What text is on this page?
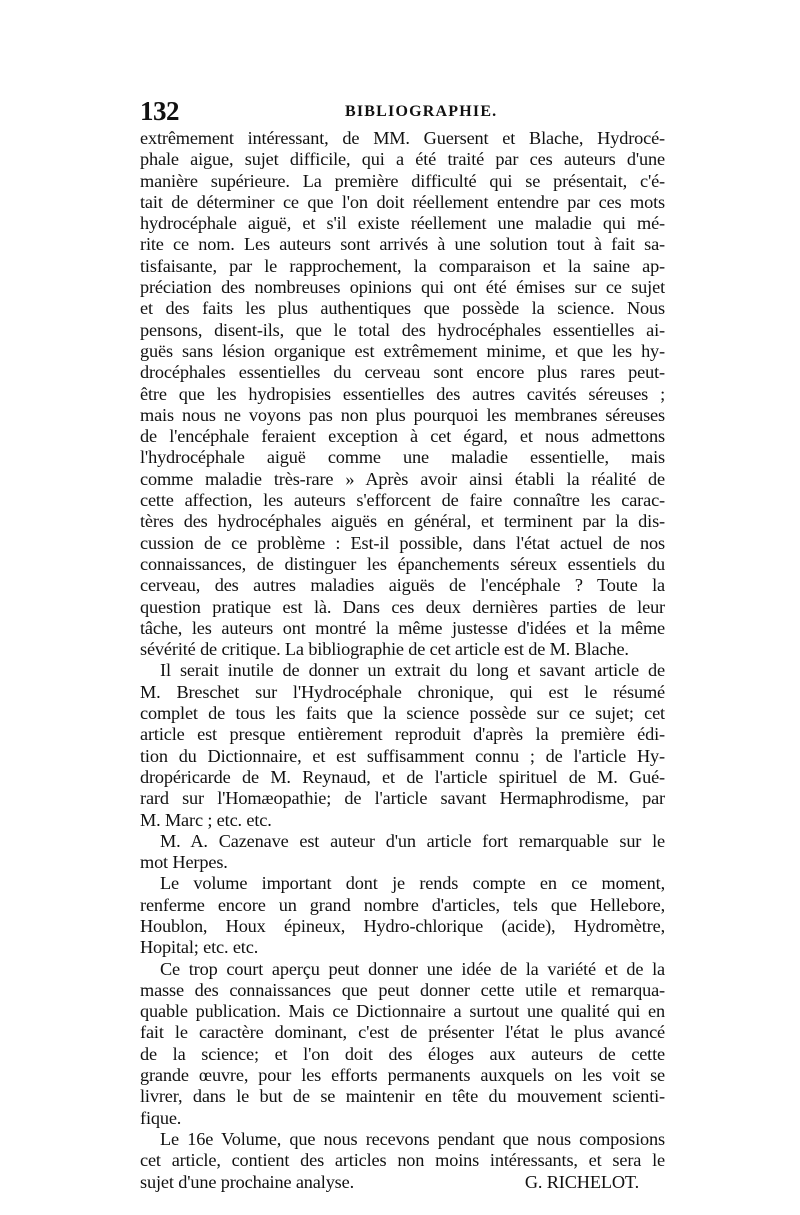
132	BIBLIOGRAPHIE.
extrêmement intéressant, de MM. Guersent et Blache, Hydrocé-
phale aigue, sujet difficile, qui a été traité par ces auteurs d'une
manière supérieure. La première difficulté qui se présentait, c'é-
tait de déterminer ce que l'on doit réellement entendre par ces mots
hydrocéphale aiguë, et s'il existe réellement une maladie qui mé-
rite ce nom. Les auteurs sont arrivés à une solution tout à fait sa-
tisfaisante, par le rapprochement, la comparaison et la saine ap-
préciation des nombreuses opinions qui ont été émises sur ce sujet
et des faits les plus authentiques que possède la science. Nous
pensons, disent-ils, que le total des hydrocéphales essentielles ai-
guës sans lésion organique est extrêmement minime, et que les hy-
drocéphales essentielles du cerveau sont encore plus rares peut-
être que les hydropisies essentielles des autres cavités séreuses ;
mais nous ne voyons pas non plus pourquoi les membranes séreuses
de l'encéphale feraient exception à cet égard, et nous admettons
l'hydrocéphale aiguë comme une maladie essentielle, mais
comme maladie très-rare » Après avoir ainsi établi la réalité de
cette affection, les auteurs s'efforcent de faire connaître les carac-
tères des hydrocéphales aiguës en général, et terminent par la dis-
cussion de ce problème : Est-il possible, dans l'état actuel de nos
connaissances, de distinguer les épanchements séreux essentiels du
cerveau, des autres maladies aiguës de l'encéphale ? Toute la
question pratique est là. Dans ces deux dernières parties de leur
tâche, les auteurs ont montré la même justesse d'idées et la même
sévérité de critique. La bibliographie de cet article est de M. Blache.
Il serait inutile de donner un extrait du long et savant article de
M. Breschet sur l'Hydrocéphale chronique, qui est le résumé
complet de tous les faits que la science possède sur ce sujet; cet
article est presque entièrement reproduit d'après la première édi-
tion du Dictionnaire, et est suffisamment connu ; de l'article Hy-
dropéricarde de M. Reynaud, et de l'article spirituel de M. Gué-
rard sur l'Homæopathie; de l'article savant Hermaphrodisme, par
M. Marc ; etc. etc.
M. A. Cazenave est auteur d'un article fort remarquable sur le
mot Herpes.
Le volume important dont je rends compte en ce moment,
renferme encore un grand nombre d'articles, tels que Hellebore,
Houblon, Houx épineux, Hydro-chlorique (acide), Hydromètre,
Hopital; etc. etc.
Ce trop court aperçu peut donner une idée de la variété et de la
masse des connaissances que peut donner cette utile et remarqua-
quable publication. Mais ce Dictionnaire a surtout une qualité qui en
fait le caractère dominant, c'est de présenter l'état le plus avancé
de la science; et l'on doit des éloges aux auteurs de cette
grande œuvre, pour les efforts permanents auxquels on les voit se
livrer, dans le but de se maintenir en tête du mouvement scienti-
fique.
Le 16e Volume, que nous recevons pendant que nous composions
cet article, contient des articles non moins intéressants, et sera le
sujet d'une prochaine analyse.	G. RICHELOT.
